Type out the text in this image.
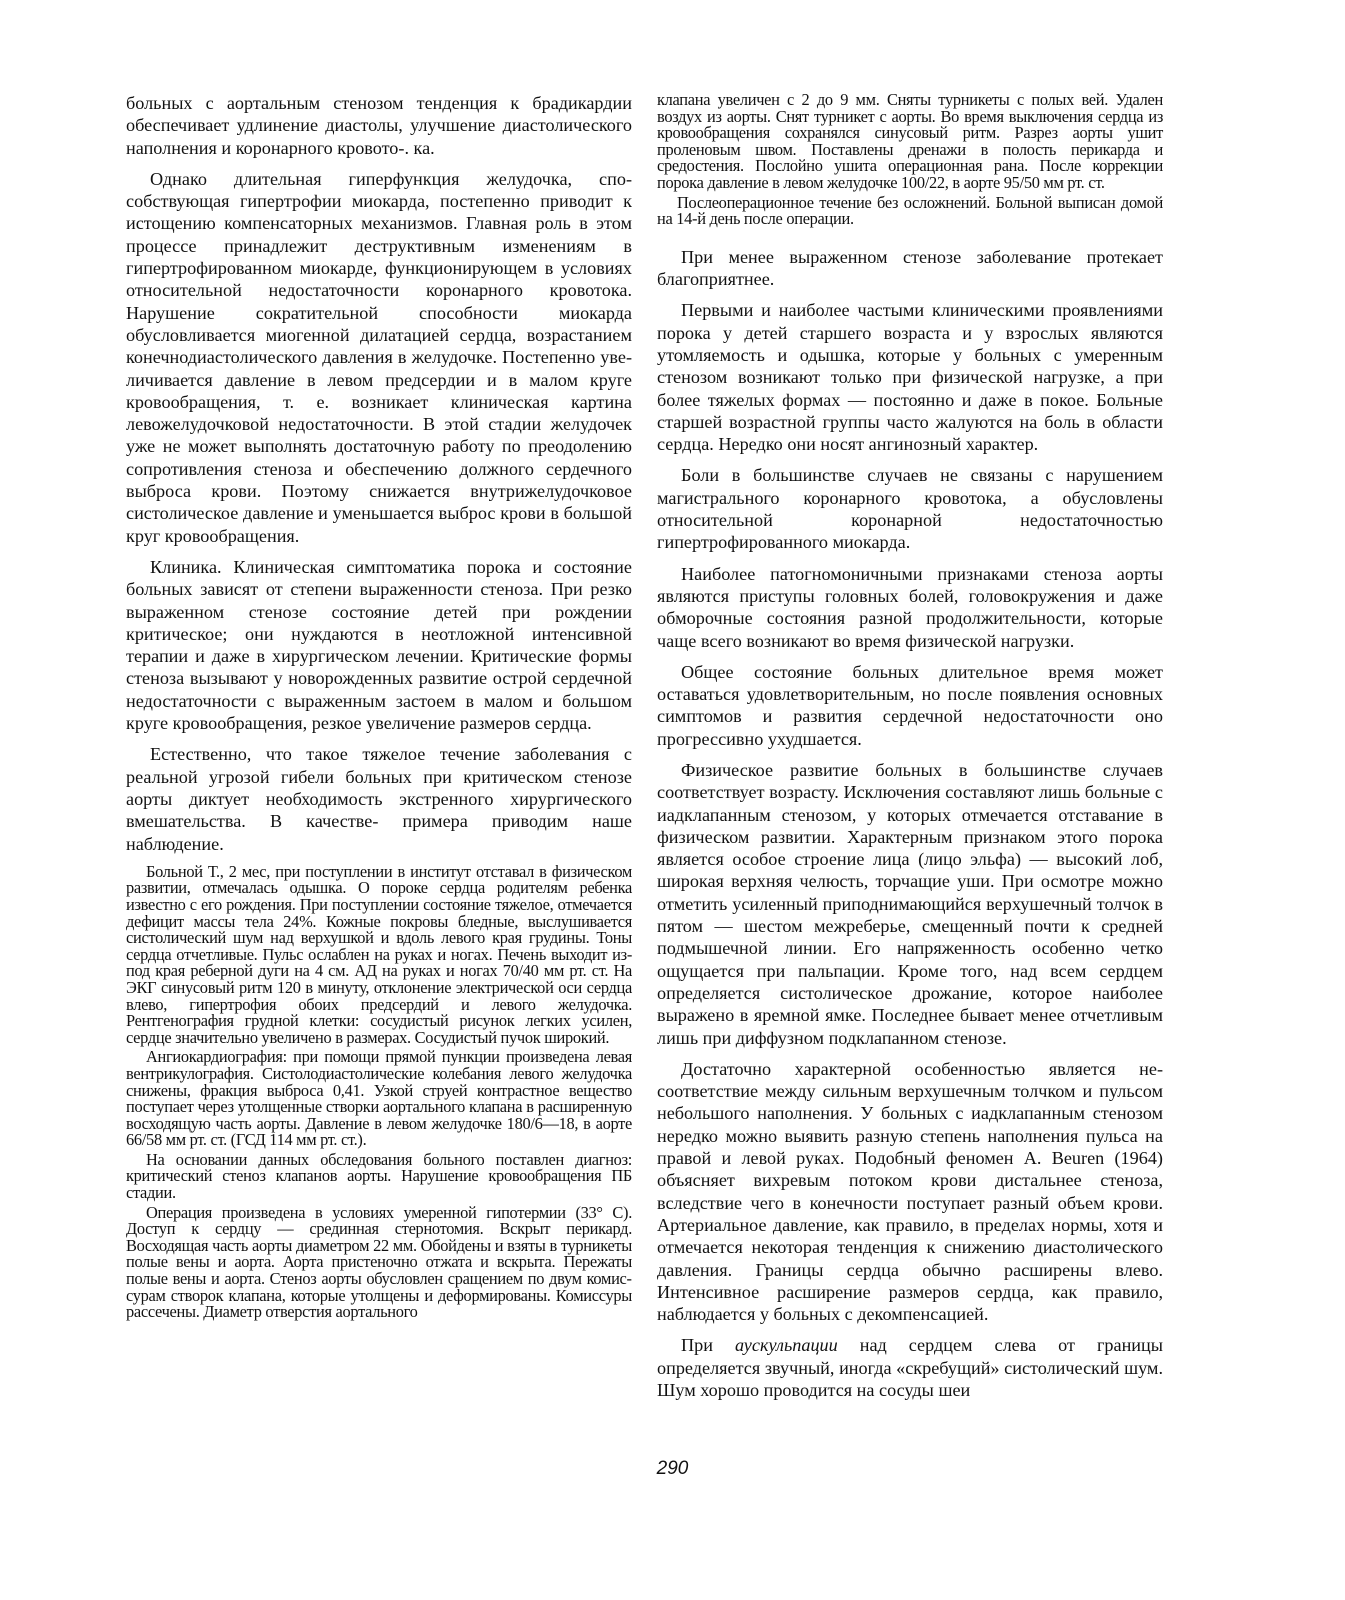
больных с аортальным стенозом тенденция к брадикардии обеспечивает удлинение диастолы, улучшение диастолического наполнения и коронарного кровото-. ка.

Однако длительная гиперфункция желудочка, способствующая гипертрофии миокарда, постепенно приводит к истощению компенсаторных механизмов. Главная роль в этом процессе принадлежит деструктивным изменениям в гипертрофированном миокарде, функционирующем в условиях относительной недостаточности коронарного кровотока. Нарушение сократительной способности миокарда обусловливается миогенной дилатацией сердца, возрастанием конечнодиастолического давления в желудочке. Постепенно увеличивается давление в левом предсердии и в малом круге кровообращения, т. е. возникает клиническая картина левожелудочковой недостаточности. В этой стадии желудочек уже не может выполнять достаточную работу по преодолению сопротивления стеноза и обеспечению должного сердечного выброса крови. Поэтому снижается внутрижелудочковое систолическое давление и уменьшается выброс крови в большой круг кровообращения.

Клиника. Клиническая симптоматика порока и состояние больных зависят от степени выраженности стеноза. При резко выраженном стенозе состояние детей при рождении критическое; они нуждаются в неотложной интенсивной терапии и даже в хирургическом лечении. Критические формы стеноза вызывают у новорожденных развитие острой сердечной недостаточности с выраженным застоем в малом и большом круге кровообращения, резкое увеличение размеров сердца.

Естественно, что такое тяжелое течение заболевания с реальной угрозой гибели больных при критическом стенозе аорты диктует необходимость экстренного хирургического вмешательства. В качестве- примера приводим наше наблюдение.

Больной Т., 2 мес, при поступлении в институт отставал в физическом развитии, отмечалась одышка. О пороке сердца родителям ребенка известно с его рождения. При поступлении состояние тяжелое, отмечается дефицит массы тела 24%. Кожные покровы бледные, выслушивается систолический шум над верхушкой и вдоль левого края грудины. Тоны сердца отчетливые. Пульс ослаблен на руках и ногах. Печень выходит из-под края реберной дуги на 4 см. АД на руках и ногах 70/40 мм рт. ст. На ЭКГ синусовый ритм 120 в минуту, отклонение электрической оси сердца влево, гипертрофия обоих предсердий и левого желудочка. Рентгенография грудной клетки: сосудистый рисунок легких усилен, сердце значительно увеличено в размерах. Сосудистый пучок широкий.

Ангиокардиография: при помощи прямой пункции произведена левая вентрикулография. Систолодиастолические колебания левого желудочка снижены, фракция выброса 0,41. Узкой струей контрастное вещество поступает через утолщенные створки аортального клапана в расширенную восходящую часть аорты. Давление в левом желудочке 180/6—18, в аорте 66/58 мм рт. ст. (ГСД 114 мм рт. ст.).

На основании данных обследования больного поставлен диагноз: критический стеноз клапанов аорты. Нарушение кровообращения ПБ стадии.

Операция произведена в условиях умеренной гипотермии (33° С). Доступ к сердцу — срединная стернотомия. Вскрыт перикард. Восходящая часть аорты диаметром 22 мм. Обойдены и взяты в турникеты полые вены и аорта. Аорта пристеночно отжата и вскрыта. Пережаты полые вены и аорта. Стеноз аорты обусловлен сращением по двум комиссурам створок клапана, которые утолщены и деформированы. Комиссуры рассечены. Диаметр отверстия аортального

клапана увеличен с 2 до 9 мм. Сняты турникеты с полых вей. Удален воздух из аорты. Снят турникет с аорты. Во время выключения сердца из кровообращения сохранялся синусовый ритм. Разрез аорты ушит проленовым швом. Поставлены дренажи в полость перикарда и средостения. Послойно ушита операционная рана. После коррекции порока давление в левом желудочке 100/22, в аорте 95/50 мм рт. ст.

Послеоперационное течение без осложнений. Больной выписан домой на 14-й день после операции.

При менее выраженном стенозе заболевание протекает благоприятнее.

Первыми и наиболее частыми клиническими проявлениями порока у детей старшего возраста и у взрослых являются утомляемость и одышка, которые у больных с умеренным стенозом возникают только при физической нагрузке, а при более тяжелых формах — постоянно и даже в покое. Больные старшей возрастной группы часто жалуются на боль в области сердца. Нередко они носят ангинозный характер.

Боли в большинстве случаев не связаны с нарушением магистрального коронарного кровотока, а обусловлены относительной коронарной недостаточностью гипертрофированного миокарда.

Наиболее патогномоничными признаками стеноза аорты являются приступы головных болей, головокружения и даже обморочные состояния разной продолжительности, которые чаще всего возникают во время физической нагрузки.

Общее состояние больных длительное время может оставаться удовлетворительным, но после появления основных симптомов и развития сердечной недостаточности оно прогрессивно ухудшается.

Физическое развитие больных в большинстве случаев соответствует возрасту. Исключения составляют лишь больные с иадклапанным стенозом, у которых отмечается отставание в физическом развитии. Характерным признаком этого порока является особое строение лица (лицо эльфа) — высокий лоб, широкая верхняя челюсть, торчащие уши. При осмотре можно отметить усиленный приподнимающийся верхушечный толчок в пятом — шестом межреберье, смещенный почти к средней подмышечной линии. Его напряженность особенно четко ощущается при пальпации. Кроме того, над всем сердцем определяется систолическое дрожание, которое наиболее выражено в яремной ямке. Последнее бывает менее отчетливым лишь при диффузном подклапанном стенозе.

Достаточно характерной особенностью является несоответствие между сильным верхушечным толчком и пульсом небольшого наполнения. У больных с иадклапанным стенозом нередко можно выявить разную степень наполнения пульса на правой и левой руках. Подобный феномен А. Beuren (1964) объясняет вихревым потоком крови дистальнее стеноза, вследствие чего в конечности поступает разный объем крови. Артериальное давление, как правило, в пределах нормы, хотя и отмечается некоторая тенденция к снижению диастолического давления. Границы сердца обычно расширены влево. Интенсивное расширение размеров сердца, как правило, наблюдается у больных с декомпенсацией.

При аускульпации над сердцем слева от границы определяется звучный, иногда «скребущий» систолический шум. Шум хорошо проводится на сосуды шеи

290
